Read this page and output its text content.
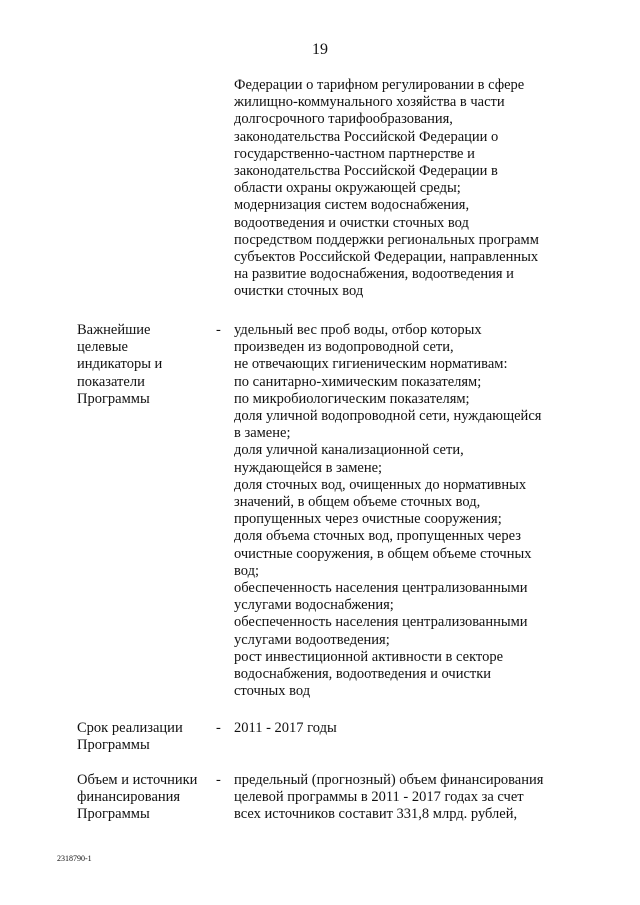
19
Федерации о тарифном регулировании в сфере
жилищно-коммунального хозяйства в части
долгосрочного тарифообразования,
законодательства Российской Федерации о
государственно-частном партнерстве и
законодательства Российской Федерации в
области охраны окружающей среды;
модернизация систем водоснабжения,
водоотведения и очистки сточных вод
посредством поддержки региональных программ
субъектов Российской Федерации, направленных
на развитие водоснабжения, водоотведения и
очистки сточных вод
Важнейшие
целевые
индикаторы и
показатели
Программы
- удельный вес проб воды, отбор которых
произведен из водопроводной сети,
не отвечающих гигиеническим нормативам:
по санитарно-химическим показателям;
по микробиологическим показателям;
доля уличной водопроводной сети, нуждающейся
в замене;
доля уличной канализационной сети,
нуждающейся в замене;
доля сточных вод, очищенных до нормативных
значений, в общем объеме сточных вод,
пропущенных через очистные сооружения;
доля объема сточных вод, пропущенных через
очистные сооружения, в общем объеме сточных
вод;
обеспеченность населения централизованными
услугами водоснабжения;
обеспеченность населения централизованными
услугами водоотведения;
рост инвестиционной активности в секторе
водоснабжения, водоотведения и очистки
сточных вод
Срок реализации
Программы
- 2011 - 2017 годы
Объем и источники
финансирования
Программы
- предельный (прогнозный) объем финансирования
целевой программы в 2011 - 2017 годах за счет
всех источников составит 331,8 млрд. рублей,
2318790-1
